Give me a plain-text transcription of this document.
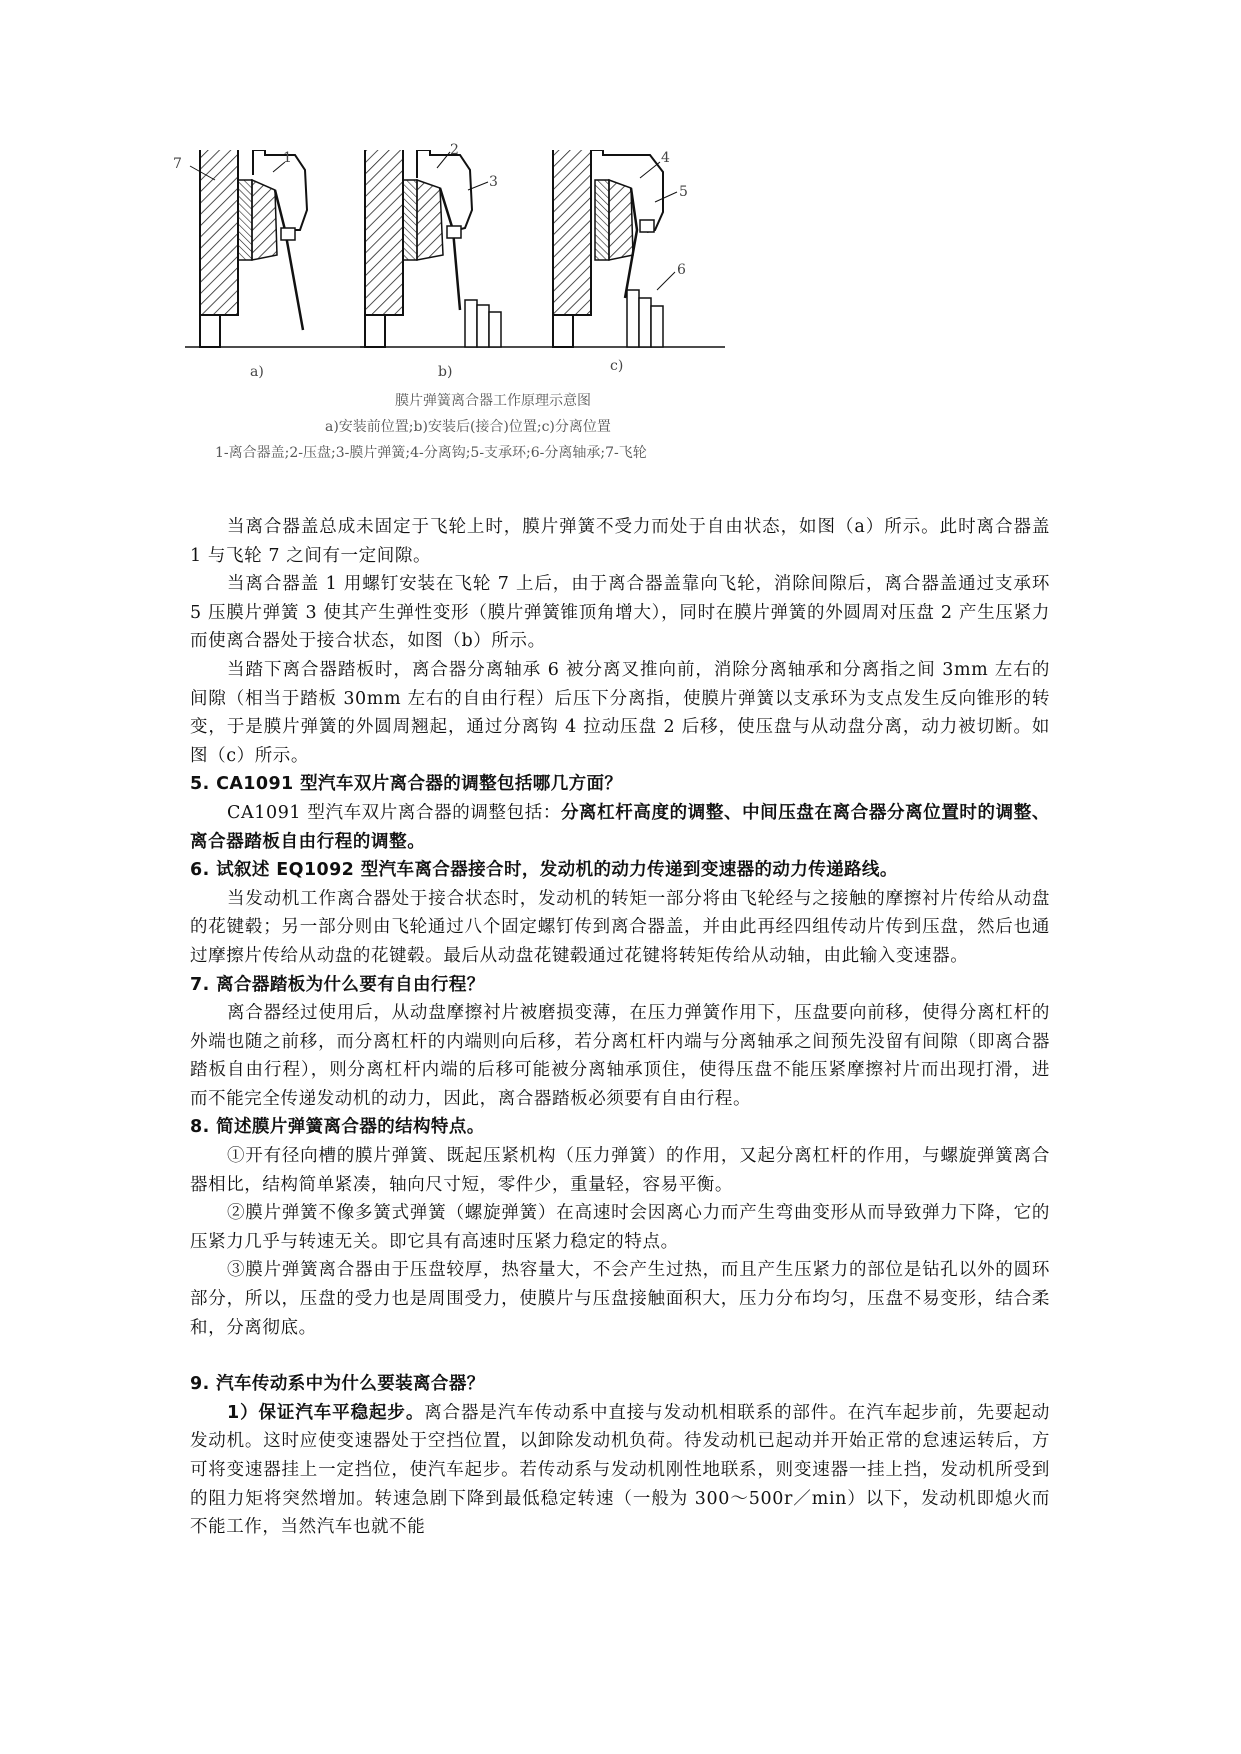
7	1	2
3
4
5
6
a)	b)	c)
膜片弹簧离合器工作原理示意图
a)安装前位置;b)安装后(接合)位置;c)分离位置
1-离合器盖;2-压盘;3-膜片弹簧;4-分离钩;5-支承环;6-分离轴承;7-飞轮

当离合器盖总成未固定于飞轮上时，膜片弹簧不受力而处于自由状态，如图（a）所示。此时离合器盖 1 与飞轮 7 之间有一定间隙。

当离合器盖 1 用螺钉安装在飞轮 7 上后，由于离合器盖靠向飞轮，消除间隙后，离合器盖通过支承环 5 压膜片弹簧 3 使其产生弹性变形（膜片弹簧锥顶角增大），同时在膜片弹簧的外圆周对压盘 2 产生压紧力而使离合器处于接合状态，如图（b）所示。

当踏下离合器踏板时，离合器分离轴承 6 被分离叉推向前，消除分离轴承和分离指之间 3mm 左右的间隙（相当于踏板 30mm 左右的自由行程）后压下分离指，使膜片弹簧以支承环为支点发生反向锥形的转变，于是膜片弹簧的外圆周翘起，通过分离钩 4 拉动压盘 2 后移，使压盘与从动盘分离，动力被切断。如图（c）所示。

5. CA1091 型汽车双片离合器的调整包括哪几方面？

CA1091 型汽车双片离合器的调整包括：分离杠杆高度的调整、中间压盘在离合器分离位置时的调整、离合器踏板自由行程的调整。

6. 试叙述 EQ1092 型汽车离合器接合时，发动机的动力传递到变速器的动力传递路线。

当发动机工作离合器处于接合状态时，发动机的转矩一部分将由飞轮经与之接触的摩擦衬片传给从动盘的花键毂；另一部分则由飞轮通过八个固定螺钉传到离合器盖，并由此再经四组传动片传到压盘，然后也通过摩擦片传给从动盘的花键毂。最后从动盘花键毂通过花键将转矩传给从动轴，由此输入变速器。

7. 离合器踏板为什么要有自由行程？

离合器经过使用后，从动盘摩擦衬片被磨损变薄，在压力弹簧作用下，压盘要向前移，使得分离杠杆的外端也随之前移，而分离杠杆的内端则向后移，若分离杠杆内端与分离轴承之间预先没留有间隙（即离合器踏板自由行程），则分离杠杆内端的后移可能被分离轴承顶住，使得压盘不能压紧摩擦衬片而出现打滑，进而不能完全传递发动机的动力，因此，离合器踏板必须要有自由行程。

8. 简述膜片弹簧离合器的结构特点。

①开有径向槽的膜片弹簧、既起压紧机构（压力弹簧）的作用，又起分离杠杆的作用，与螺旋弹簧离合器相比，结构简单紧凑，轴向尺寸短，零件少，重量轻，容易平衡。

②膜片弹簧不像多簧式弹簧（螺旋弹簧）在高速时会因离心力而产生弯曲变形从而导致弹力下降，它的压紧力几乎与转速无关。即它具有高速时压紧力稳定的特点。

③膜片弹簧离合器由于压盘较厚，热容量大，不会产生过热，而且产生压紧力的部位是钻孔以外的圆环部分，所以，压盘的受力也是周围受力，使膜片与压盘接触面积大，压力分布均匀，压盘不易变形，结合柔和，分离彻底。

9. 汽车传动系中为什么要装离合器？

1）保证汽车平稳起步。离合器是汽车传动系中直接与发动机相联系的部件。在汽车起步前，先要起动发动机。这时应使变速器处于空挡位置，以卸除发动机负荷。待发动机已起动并开始正常的怠速运转后，方可将变速器挂上一定挡位，使汽车起步。若传动系与发动机刚性地联系，则变速器一挂上挡，发动机所受到的阻力矩将突然增加。转速急剧下降到最低稳定转速（一般为 300～500r／min）以下，发动机即熄火而不能工作，当然汽车也就不能
